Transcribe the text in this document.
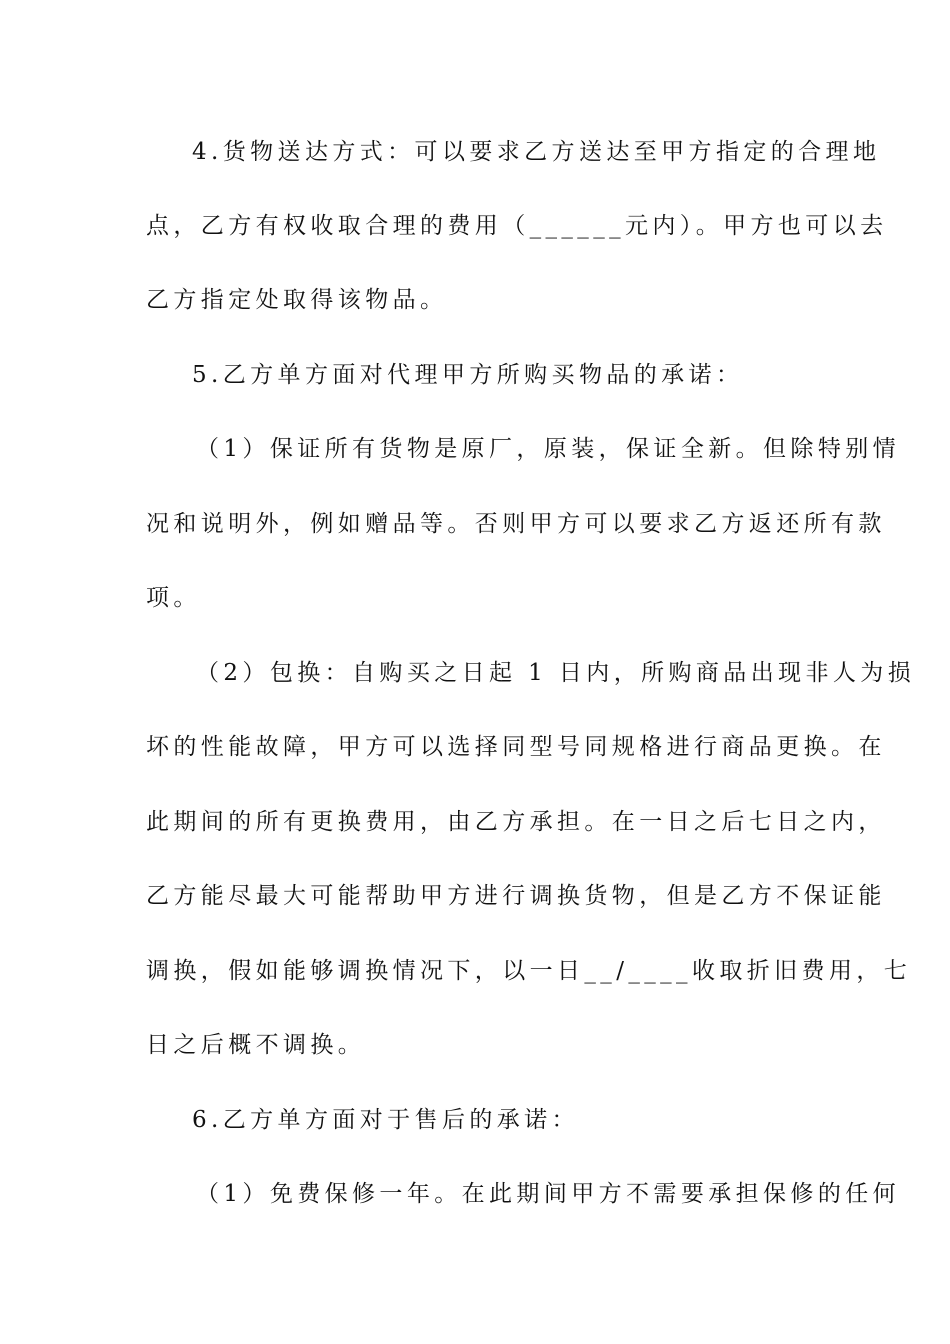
4.货物送达方式：可以要求乙方送达至甲方指定的合理地
点，乙方有权收取合理的费用（______元内）。甲方也可以去
乙方指定处取得该物品。
5.乙方单方面对代理甲方所购买物品的承诺：
（1）保证所有货物是原厂，原装，保证全新。但除特别情
况和说明外，例如赠品等。否则甲方可以要求乙方返还所有款
项。
（2）包换：自购买之日起 1 日内，所购商品出现非人为损
坏的性能故障，甲方可以选择同型号同规格进行商品更换。在
此期间的所有更换费用，由乙方承担。在一日之后七日之内，
乙方能尽最大可能帮助甲方进行调换货物，但是乙方不保证能
调换，假如能够调换情况下，以一日__/____收取折旧费用，七
日之后概不调换。
6.乙方单方面对于售后的承诺：
（1）免费保修一年。在此期间甲方不需要承担保修的任何
